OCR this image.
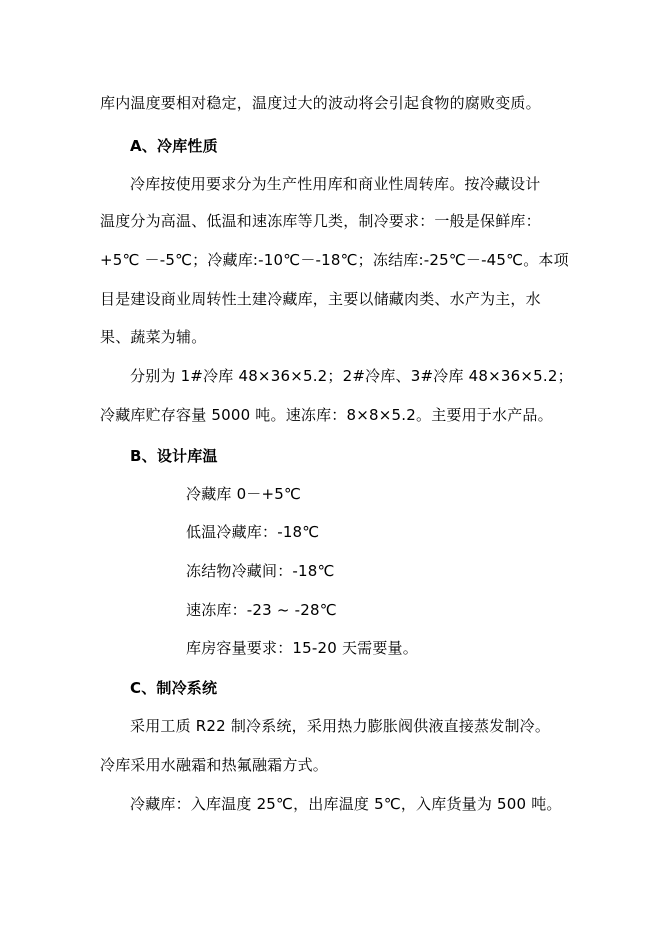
库内温度要相对稳定，温度过大的波动将会引起食物的腐败变质。
A、冷库性质
冷库按使用要求分为生产性用库和商业性周转库。按冷藏设计
温度分为高温、低温和速冻库等几类，制冷要求：一般是保鲜库：
+5℃ －-5℃；冷藏库:-10℃－-18℃；冻结库:-25℃－-45℃。本项
目是建设商业周转性土建冷藏库，主要以储藏肉类、水产为主，水
果、蔬菜为辅。
分别为 1#冷库 48×36×5.2；2#冷库、3#冷库 48×36×5.2；
冷藏库贮存容量 5000 吨。速冻库：8×8×5.2。主要用于水产品。
B、设计库温
冷藏库 0－+5℃
低温冷藏库：-18℃
冻结物冷藏间：-18℃
速冻库：-23 ~ -28℃
库房容量要求：15-20 天需要量。
C、制冷系统
采用工质 R22 制冷系统，采用热力膨胀阀供液直接蒸发制冷。
冷库采用水融霜和热氟融霜方式。
冷藏库：入库温度 25℃，出库温度 5℃，入库货量为 500 吨。
